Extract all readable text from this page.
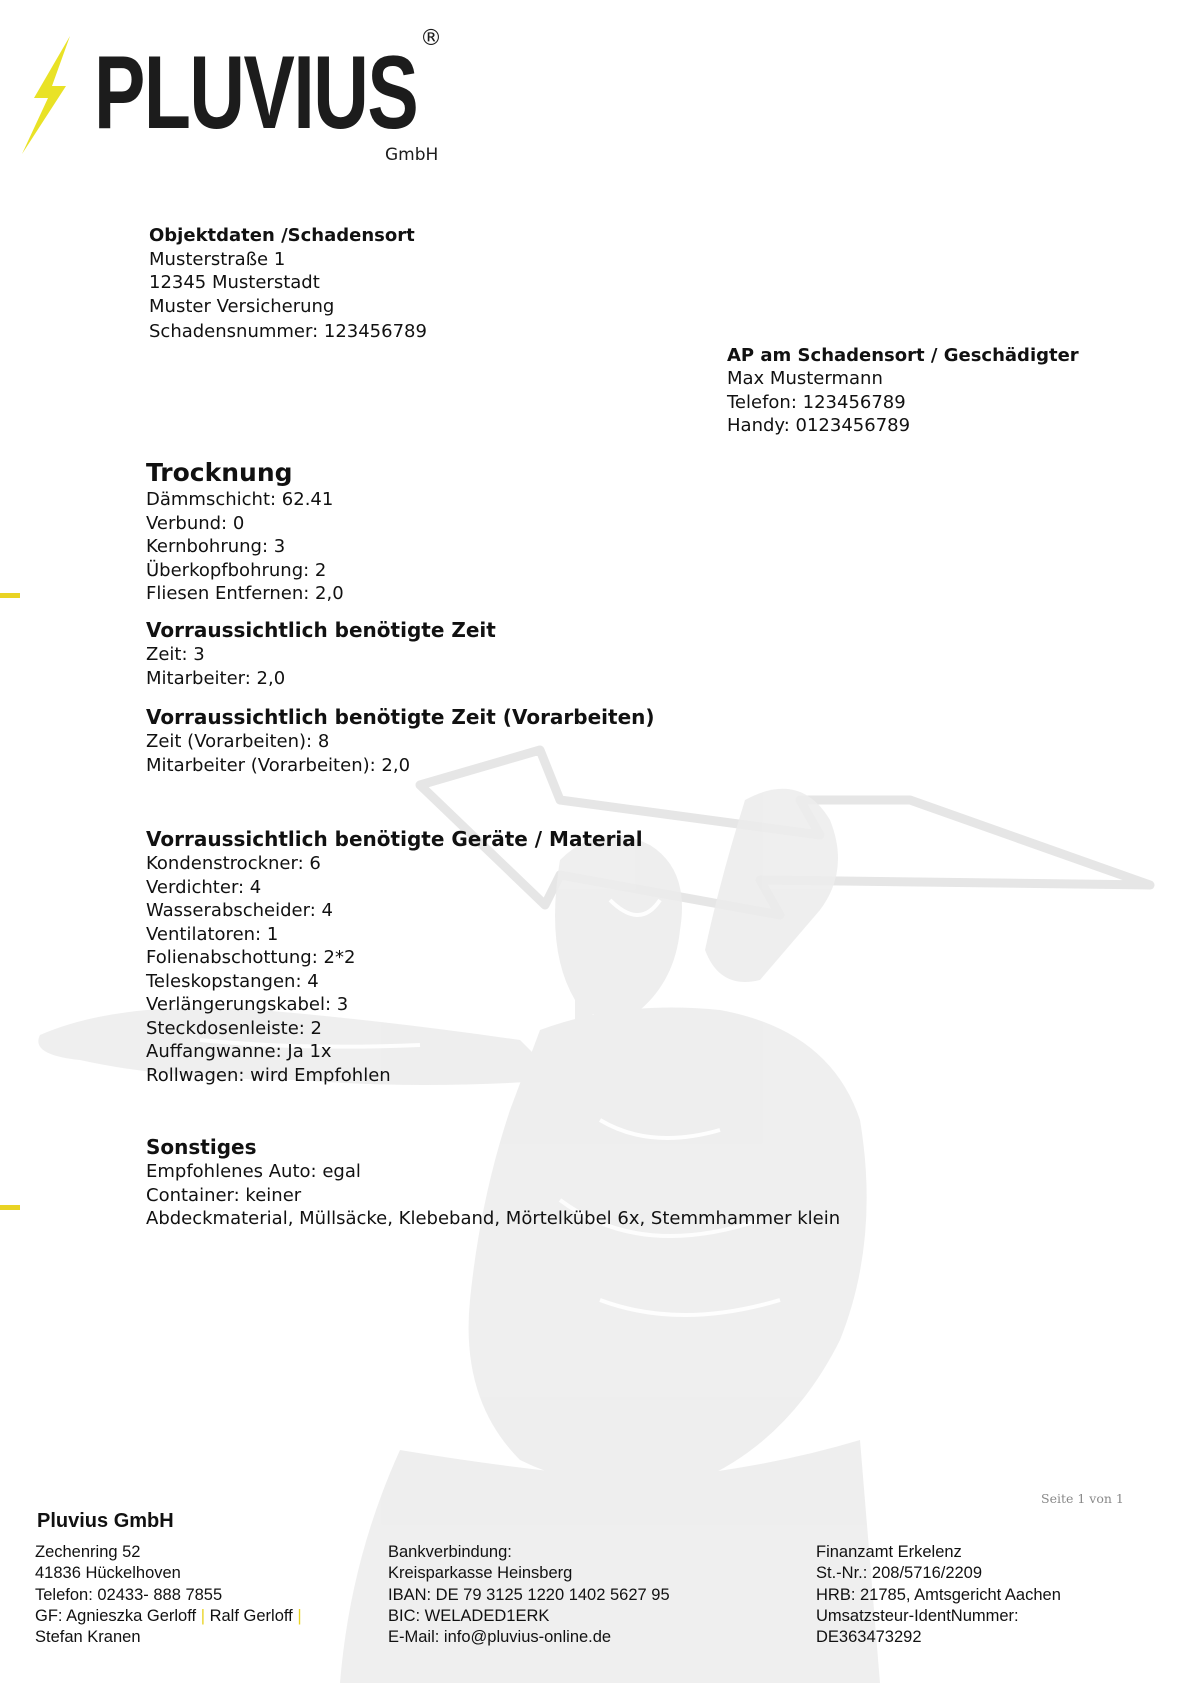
PLUVIUS ®
GmbH
Objektdaten /Schadensort
Musterstraße 1
12345 Musterstadt
Muster Versicherung
Schadensnummer: 123456789
AP am Schadensort / Geschädigter
Max Mustermann
Telefon: 123456789
Handy: 0123456789
Trocknung
Dämmschicht: 62.41
Verbund: 0
Kernbohrung: 3
Überkopfbohrung: 2
Fliesen Entfernen: 2,0
Vorraussichtlich benötigte Zeit
Zeit: 3
Mitarbeiter: 2,0
Vorraussichtlich benötigte Zeit (Vorarbeiten)
Zeit (Vorarbeiten): 8
Mitarbeiter (Vorarbeiten): 2,0
Vorraussichtlich benötigte Geräte / Material
Kondenstrockner: 6
Verdichter: 4
Wasserabscheider: 4
Ventilatoren: 1
Folienabschottung: 2*2
Teleskopstangen: 4
Verlängerungskabel: 3
Steckdosenleiste: 2
Auffangwanne: Ja 1x
Rollwagen: wird Empfohlen
Sonstiges
Empfohlenes Auto: egal
Container: keiner
Abdeckmaterial, Müllsäcke, Klebeband, Mörtelkübel 6x, Stemmhammer klein
Seite 1 von 1
Pluvius GmbH
Zechenring 52
41836 Hückelhoven
Telefon: 02433- 888 7855
GF: Agnieszka Gerloff | Ralf Gerloff |
Stefan Kranen
Bankverbindung:
Kreisparkasse Heinsberg
IBAN: DE 79 3125 1220 1402 5627 95
BIC: WELADED1ERK
E-Mail: info@pluvius-online.de
Finanzamt Erkelenz
St.-Nr.: 208/5716/2209
HRB: 21785, Amtsgericht Aachen
Umsatzsteur-IdentNummer:
DE363473292
